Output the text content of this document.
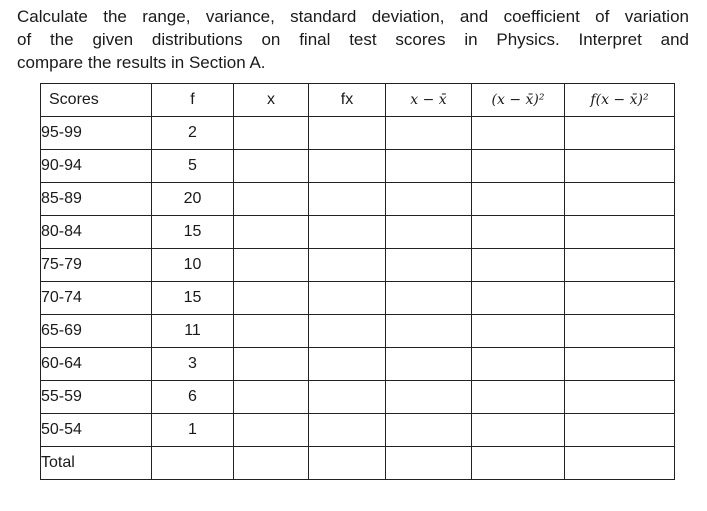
Calculate the range, variance, standard deviation, and coefficient of variation
of the given distributions on final test scores in Physics. Interpret and
compare the results in Section A.
Scores	f	x	fx	x − x̄	(x − x̄)²	f(x − x̄)²
95-99	2					
90-94	5					
85-89	20					
80-84	15					
75-79	10					
70-74	15					
65-69	11					
60-64	3					
55-59	6					
50-54	1					
Total						
